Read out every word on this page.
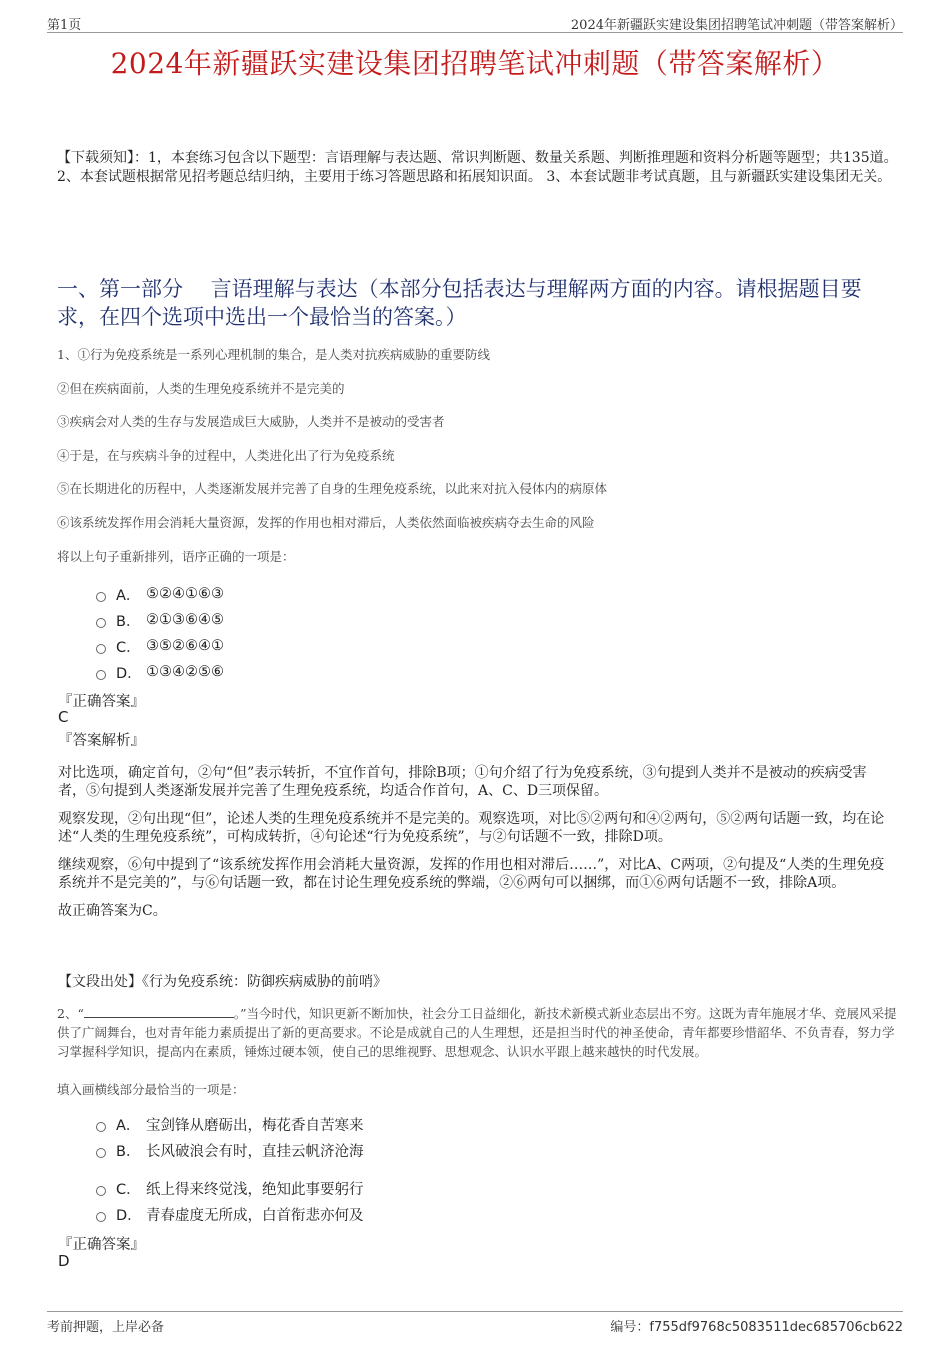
第1页	2024年新疆跃实建设集团招聘笔试冲刺题（带答案解析）
2024年新疆跃实建设集团招聘笔试冲刺题（带答案解析）
【下载须知】：1，本套练习包含以下题型：言语理解与表达题、常识判断题、数量关系题、判断推理题和资料分析题等题型；共135道。 2、本套试题根据常见招考题总结归纳，主要用于练习答题思路和拓展知识面。 3、本套试题非考试真题，且与新疆跃实建设集团无关。
一、第一部分　 言语理解与表达（本部分包括表达与理解两方面的内容。请根据题目要求，在四个选项中选出一个最恰当的答案。）
1、①行为免疫系统是一系列心理机制的集合，是人类对抗疾病威胁的重要防线
②但在疾病面前，人类的生理免疫系统并不是完美的
③疾病会对人类的生存与发展造成巨大威胁，人类并不是被动的受害者
④于是，在与疾病斗争的过程中，人类进化出了行为免疫系统
⑤在长期进化的历程中，人类逐渐发展并完善了自身的生理免疫系统，以此来对抗入侵体内的病原体
⑥该系统发挥作用会消耗大量资源，发挥的作用也相对滞后，人类依然面临被疾病夺去生命的风险
将以上句子重新排列，语序正确的一项是：
A． ⑤②④①⑥③
B． ②①③⑥④⑤
C． ③⑤②⑥④①
D． ①③④②⑤⑥
『正确答案』
C
『答案解析』

对比选项，确定首句，②句“但”表示转折，不宜作首句，排除B项；①句介绍了行为免疫系统，③句提到人类并不是被动的疾病受害者，⑤句提到人类逐渐发展并完善了生理免疫系统，均适合作首句，A、C、D三项保留。

观察发现，②句出现“但”，论述人类的生理免疫系统并不是完美的。观察选项，对比⑤②两句和④②两句，⑤②两句话题一致，均在论述“人类的生理免疫系统”，可构成转折，④句论述“行为免疫系统”，与②句话题不一致，排除D项。

继续观察，⑥句中提到了“该系统发挥作用会消耗大量资源，发挥的作用也相对滞后……”，对比A、C两项，②句提及“人类的生理免疫系统并不是完美的”，与⑥句话题一致，都在讨论生理免疫系统的弊端，②⑥两句可以捆绑，而①⑥两句话题不一致，排除A项。

故正确答案为C。

【文段出处】《行为免疫系统：防御疾病威胁的前哨》
2、“	。”当今时代，知识更新不断加快，社会分工日益细化，新技术新模式新业态层出不穷。这既为青年施展才华、竞展风采提供了广阔舞台，也对青年能力素质提出了新的更高要求。不论是成就自己的人生理想，还是担当时代的神圣使命，青年都要珍惜韶华、不负青春，努力学习掌握科学知识，提高内在素质，锤炼过硬本领，使自己的思维视野、思想观念、认识水平跟上越来越快的时代发展。
填入画横线部分最恰当的一项是：
A． 宝剑锋从磨砺出，梅花香自苦寒来
B． 长风破浪会有时，直挂云帆济沧海
C． 纸上得来终觉浅，绝知此事要躬行
D． 青春虚度无所成，白首衔悲亦何及
『正确答案』
D
考前押题，上岸必备	编号：f755df9768c5083511dec685706cb622
